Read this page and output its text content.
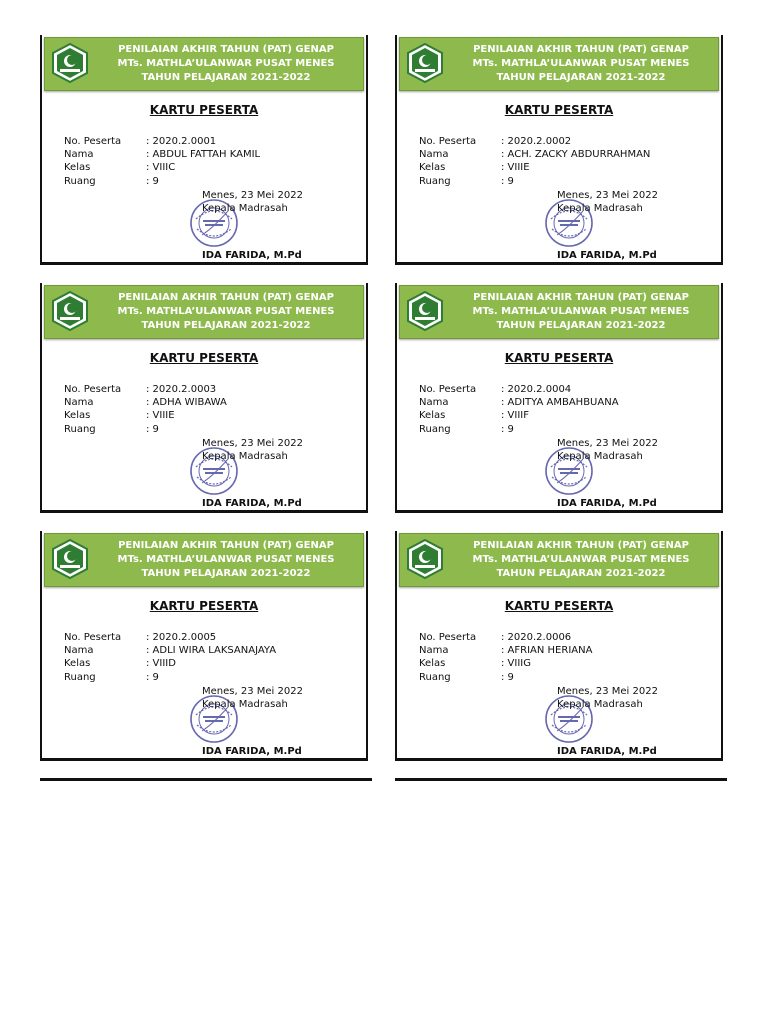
PENILAIAN AKHIR TAHUN (PAT) GENAP
MTs. MATHLA’ULANWAR PUSAT MENES
TAHUN PELAJARAN 2021-2022
KARTU PESERTA
No. Peserta : 2020.2.0001
Nama	: ABDUL FATTAH KAMIL
Kelas	: VIIIC
Ruang	: 9
Menes, 23 Mei 2022
Kepala Madrasah
IDA FARIDA, M.Pd
PENILAIAN AKHIR TAHUN (PAT) GENAP
MTs. MATHLA’ULANWAR PUSAT MENES
TAHUN PELAJARAN 2021-2022
KARTU PESERTA
No. Peserta : 2020.2.0002
Nama	: ACH. ZACKY ABDURRAHMAN
Kelas	: VIIIE
Ruang	: 9
Menes, 23 Mei 2022
Kepala Madrasah
IDA FARIDA, M.Pd
PENILAIAN AKHIR TAHUN (PAT) GENAP
MTs. MATHLA’ULANWAR PUSAT MENES
TAHUN PELAJARAN 2021-2022
KARTU PESERTA
No. Peserta : 2020.2.0003
Nama	: ADHA WIBAWA
Kelas	: VIIIE
Ruang	: 9
Menes, 23 Mei 2022
Kepala Madrasah
IDA FARIDA, M.Pd
PENILAIAN AKHIR TAHUN (PAT) GENAP
MTs. MATHLA’ULANWAR PUSAT MENES
TAHUN PELAJARAN 2021-2022
KARTU PESERTA
No. Peserta : 2020.2.0004
Nama	: ADITYA AMBAHBUANA
Kelas	: VIIIF
Ruang	: 9
Menes, 23 Mei 2022
Kepala Madrasah
IDA FARIDA, M.Pd
PENILAIAN AKHIR TAHUN (PAT) GENAP
MTs. MATHLA’ULANWAR PUSAT MENES
TAHUN PELAJARAN 2021-2022
KARTU PESERTA
No. Peserta : 2020.2.0005
Nama	: ADLI WIRA LAKSANAJAYA
Kelas	: VIIID
Ruang	: 9
Menes, 23 Mei 2022
Kepala Madrasah
IDA FARIDA, M.Pd
PENILAIAN AKHIR TAHUN (PAT) GENAP
MTs. MATHLA’ULANWAR PUSAT MENES
TAHUN PELAJARAN 2021-2022
KARTU PESERTA
No. Peserta : 2020.2.0006
Nama	: AFRIAN HERIANA
Kelas	: VIIIG
Ruang	: 9
Menes, 23 Mei 2022
Kepala Madrasah
IDA FARIDA, M.Pd
